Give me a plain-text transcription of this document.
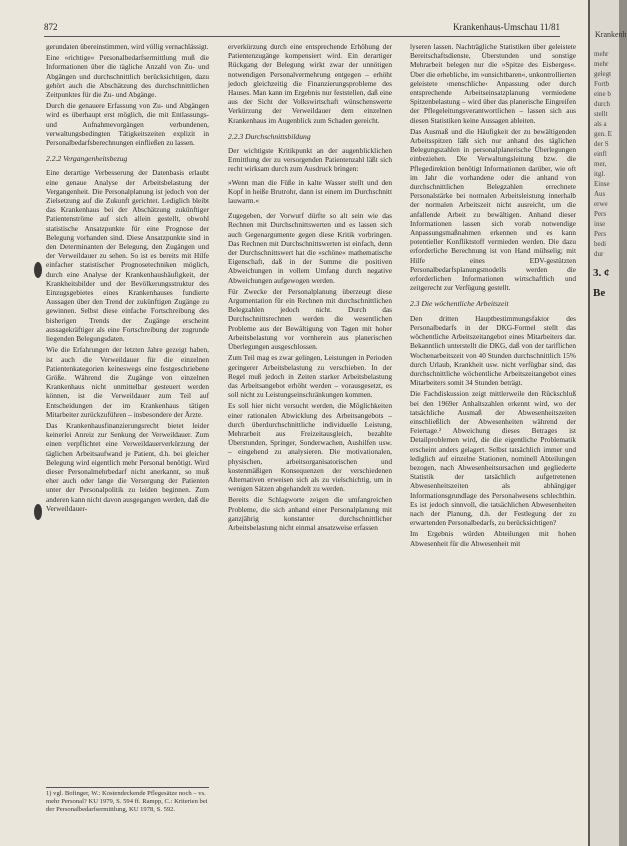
872	Krankenhaus-Umschau 11/81

gerundaten übereinstimmen, wird völlig vernachlässigt.

Eine »richtige« Personalbedarfsermittlung muß die Informationen über die tägliche Anzahl von Zu- und Abgängen und durchschnittlich berücksichtigen, dazu gehört auch die Abschätzung des durchschnittlichen Zeitpunktes für die Zu- und Abgänge.

Durch die genauere Erfassung von Zu- und Abgängen wird es überhaupt erst möglich, die mit Entlassungs- und Aufnahmevorgängen verbundenen, verwaltungsbedingten Tätigkeitszeiten explizit in Personalbedarfsberechnungen einfließen zu lassen.

2.2.2 Vergangenheitsbezug

Eine derartige Verbesserung der Datenbasis erlaubt eine genaue Analyse der Arbeitsbelastung der Vergangenheit. Die Personalplanung ist jedoch von der Zielsetzung auf die Zukunft gerichtet. Lediglich bleibt das Krankenhaus bei der Abschätzung zukünftiger Patientenströme auf sich allein gestellt, obwohl statistische Ansatzpunkte für eine Prognose der Belegung vorhanden sind. Diese Ansatzpunkte sind in den Determinanten der Belegung, den Zugängen und der Verweildauer zu sehen. So ist es bereits mit Hilfe einfacher statistischer Prognosetechniken möglich, durch eine Analyse der Krankenhaushäufigkeit, der Krankheitsbilder und der Bevölkerungsstruktur des Einzugsgebietes eines Krankenhauses fundierte Aussagen über den Trend der zukünftigen Zugänge zu gewinnen. Selbst diese einfache Fortschreibung des bisherigen Trends der Zugänge erscheint aussagekräftiger als eine Fortschreibung der zugrunde liegenden Belegungsdaten.

Wie die Erfahrungen der letzten Jahre gezeigt haben, ist auch die Verweildauer für die einzelnen Patientenkategorien keineswegs eine festgeschriebene Größe. Während die Zugänge von einzelnen Krankenhaus nicht unmittelbar gesteuert werden können, ist die Verweildauer zum Teil auf Entscheidungen der im Krankenhaus tätigen Mitarbeiter zurückzuführen – insbesondere der Ärzte.

Das Krankenhausfinanzierungsrecht bietet leider keinerlei Anreiz zur Senkung der Verweildauer. Zum einen verpflichtet eine Verweildauerverkürzung der täglichen Arbeitsaufwand je Patient, d.h. bei gleicher Belegung wird eigentlich mehr Personal benötigt. Wird dieser Personalmehrbedarf nicht anerkannt, so muß eher auch oder lange die Versorgung der Patienten unter der Personalpolitik zu leiden beginnen. Zum anderen kann nicht davon ausgegangen werden, daß die Verweildauer-

1) vgl. Bofinger, W.: Kostendeckende Pflegesätze noch – vs. mehr Personal? KU 1979, S. 594 ff. Rampp, C.: Kriterien bei der Personalbedarfsermittlung, KU 1978, S. 592.

erverkürzung durch eine entsprechende Erhöhung der Patientenzugänge kompensiert wird. Ein derartiger Rückgang der Belegung wirkt zwar der unnötigen notwendigen Personalvermehrung entgegen – erhöht jedoch gleichzeitig die Finanzierungsprobleme des Hauses. Man kann im Ergebnis nur feststellen, daß eine aus der Sicht der Volkswirtschaft wünschenswerte Verkürzung der Verweildauer dem einzelnen Krankenhaus im Augenblick zum Schaden gereicht.

2.2.3 Durchschnittsbildung

Der wichtigste Kritikpunkt an der augenblicklichen Ermittlung der zu versorgenden Patientenzahl läßt sich recht wirksam durch zum Ausdruck bringen:

»Wenn man die Füße in kalte Wasser stellt und den Kopf in heiße Brutrohr, dann ist einem im Durchschnitt lauwarm.«

Zugegeben, der Vorwurf dürfte so alt sein wie das Rechnen mit Durchschnittswerten und es lassen sich auch Gegenargumente gegen diese Kritik vorbringen. Das Rechnen mit Durchschnittswerten ist einfach, denn der Durchschnittswert hat die »schöne« mathematische Eigenschaft, daß in der Summe die positiven Abweichungen in vollem Umfang durch negative Abweichungen aufgewogen werden.

Für Zwecke der Personalplanung überzeugt diese Argumentation für ein Rechnen mit durchschnittlichen Belegzahlen jedoch nicht. Durch das Durchschnittsrechnen werden die wesentlichen Probleme aus der Bewältigung von Tagen mit hoher Arbeitsbelastung vor vornherein aus planerischen Überlegungen ausgeschlossen.

Zum Teil mag es zwar gelingen, Leistungen in Perioden geringerer Arbeitsbelastung zu verschieben. In der Regel muß jedoch in Zeiten starker Arbeitsbelastung das Arbeitsangebot erhöht werden – vorausgesetzt, es soll nicht zu Leistungseinschränkungen kommen.

Es soll hier nicht versucht werden, die Möglichkeiten einer rationalen Abwicklung des Arbeitsangebots – durch überdurchschnittliche individuelle Leistung, Mehrarbeit aus Freizeitausgleich, bezahlte Überstunden, Springer, Sonderwachen, Aushilfen usw. – eingehend zu analysieren. Die motivationalen, physischen, arbeitsorganisatorischen und kostenmäßigen Konsequenzen der verschiedenen Alternativen erweisen sich als zu vielschichtig, um in wenigen Sätzen abgehandelt zu werden.

Bereits die Schlagworte zeigen die umfangreichen Probleme, die sich anhand einer Personalplanung mit ganzjährig konstanter durchschnittlicher Arbeitsbelastung nicht einmal ansatzweise erfassen

lyseren lassen. Nachträgliche Statistiken über geleistete Bereitschaftsdienste, Überstunden und sonstige Mehrarbeit belegen nur die »Spitze des Eisberges«. Über die erhebliche, im »unsichtbaren«, unkontrollierten geleistete ›menschliche‹ Anpassung oder durch entsprechende Arbeitseinsatzplanung vermiedene Spitzenbelastung – wird über das planerische Eingreifen der Pflegeleitungsverantwortlichen – lassen sich aus diesen Statistiken keine Aussagen ableiten.

Das Ausmaß und die Häufigkeit der zu bewältigenden Arbeitsspitzen läßt sich nur anhand des täglichen Belegungszahlen in personalplanerische Überlegungen einbeziehen. Die Verwaltungsleitung bzw. die Pflegedirektion benötigt Informationen darüber, wie oft im Jahr die vorhandene oder die anhand von durchschnittlichen Belegzahlen errechnete Personalstärke bei normalen Arbeitsleistung innerhalb der normalen Arbeitszeit nicht ausreicht, um die anfallende Arbeit zu bewältigen. Anhand dieser Informationen lassen sich vorab notwendige Anpassungsmaßnahmen erkennen und es kann potentieller Konfliktstoff vermieden werden. Die dazu erforderliche Berechnung ist von Hand mühselig; mit Hilfe eines EDV-gestützten Personalbedarfsplanungsmodells werden die erforderlichen Informationen wirtschaftlich und zeitgerecht zur Verfügung gestellt.

2.3 Die wöchentliche Arbeitszeit

Den dritten Hauptbestimmungsfaktor des Personalbedarfs in der DKG-Formel stellt das wöchentliche Arbeitszeitangebot eines Mitarbeiters dar. Bekanntlich unterstellt die DKG, daß von der tariflichen Wochenarbeitszeit von 40 Stunden durchschnittlich 15% durch Urlaub, Krankheit usw. nicht verfügbar sind, das durchschnittliche wöchentliche Arbeitszeitangebot eines Mitarbeiters somit 34 Stunden beträgt.

Die Fachdiskussion zeigt mittlerweile den Rückschluß bei den 1969er Anhaltszahlen erkennt wird, wo der tatsächliche Ausmaß der Abwesenheitszeiten einschließlich der Abwesenheiten während der Feiertage.² Abweichung dieses Betrages ist Detailproblemen wird, die die eigentliche Problematik erscheint anders gelagert. Selbst tatsächlich immer und lediglich auf einzelne Stationen, nominell Abteilungen bezogen, nach Abwesenheitsursachen und gegliederte Statistik der tatsächlich aufgetretenen Abwesenheitszeiten als abhängiger Informationsgrundlage des Personalwesens schlechthin. Es ist jedoch sinnvoll, die tatsächlichen Abwesenheiten nach der Planung, d.h. der Festlegung der zu erwartenden Personalbedarfs, zu berücksichtigen?

Im Ergebnis würden Abteilungen mit hohen Abwesenheit für die Abwesenheit mit

Krankenh
mehr
mehr
gelegt
Fortb
eine b
durch
stellt
als a
gen. E
der S
einfl
mer,
itgl.
Einse
Aus
erwe
Pers
inse
Pers
bedi
dur
3. ¢
Be
